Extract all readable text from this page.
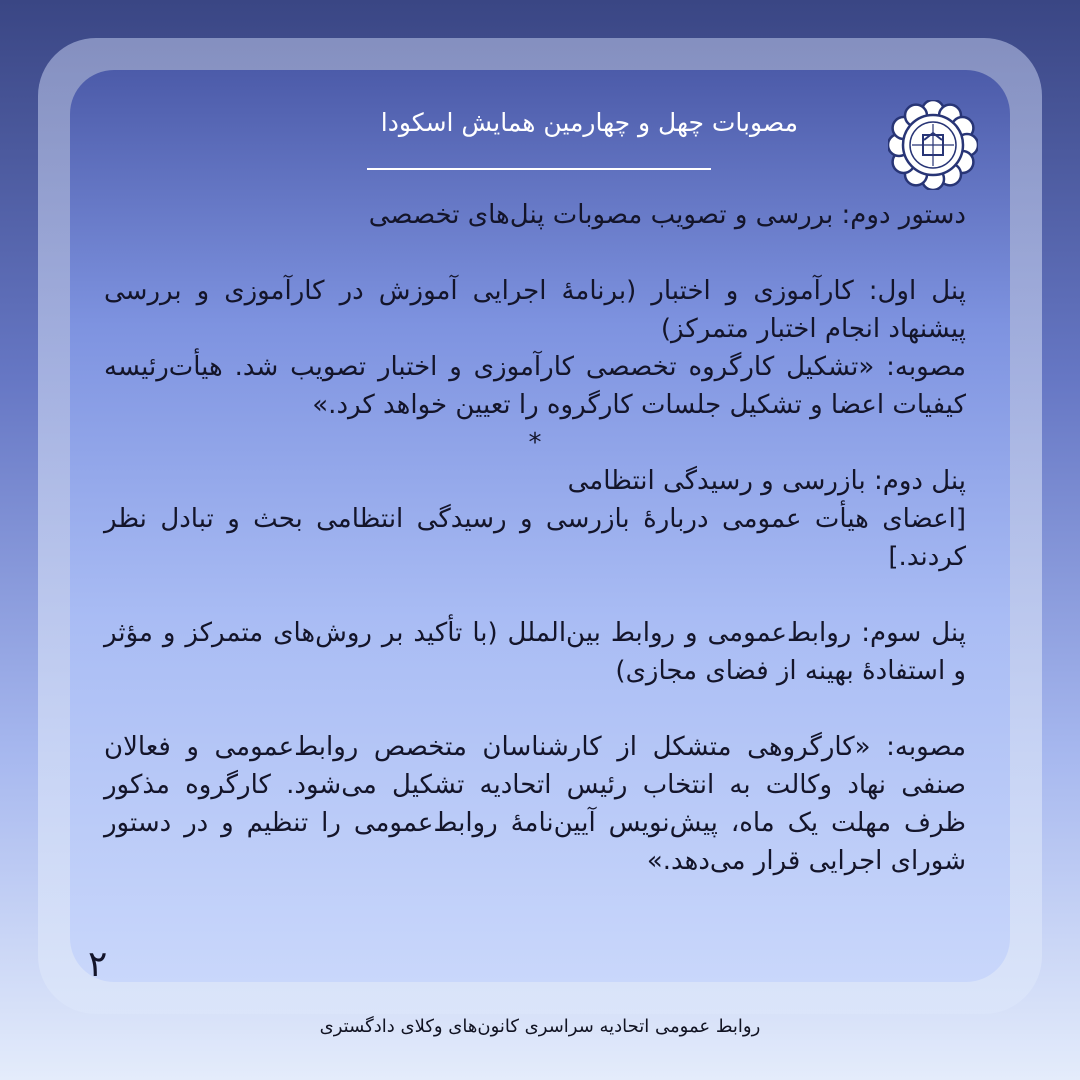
مصوبات چهل و چهارمین همایش اسکودا

دستور دوم: بررسی و تصویب مصوبات پنل‌های تخصصی

پنل اول: کارآموزی و اختبار (برنامهٔ اجرایی آموزش در کارآموزی و بررسی پیشنهاد انجام اختبار متمرکز)

مصوبه: «تشکیل کارگروه تخصصی کارآموزی و اختبار تصویب شد. هیأت‌رئیسه کیفیات اعضا و تشکیل جلسات کارگروه را تعیین خواهد کرد.»

*

پنل دوم: بازرسی و رسیدگی انتظامی

[اعضای هیأت عمومی دربارهٔ بازرسی و رسیدگی انتظامی بحث و تبادل نظر کردند.]

پنل سوم: روابط‌عمومی و روابط بین‌الملل (با تأکید بر روش‌های متمرکز و مؤثر و استفادهٔ بهینه از فضای مجازی)

مصوبه: «کارگروهی متشکل از کارشناسان متخصص روابط‌عمومی و فعالان صنفی نهاد وکالت به انتخاب رئیس اتحادیه تشکیل می‌شود. کارگروه مذکور ظرف مهلت یک ماه، پیش‌نویس آیین‌نامهٔ روابط‌عمومی را تنظیم و در دستور شورای اجرایی قرار می‌دهد.»

۲
روابط عمومی اتحادیه سراسری کانون‌های وکلای دادگستری
